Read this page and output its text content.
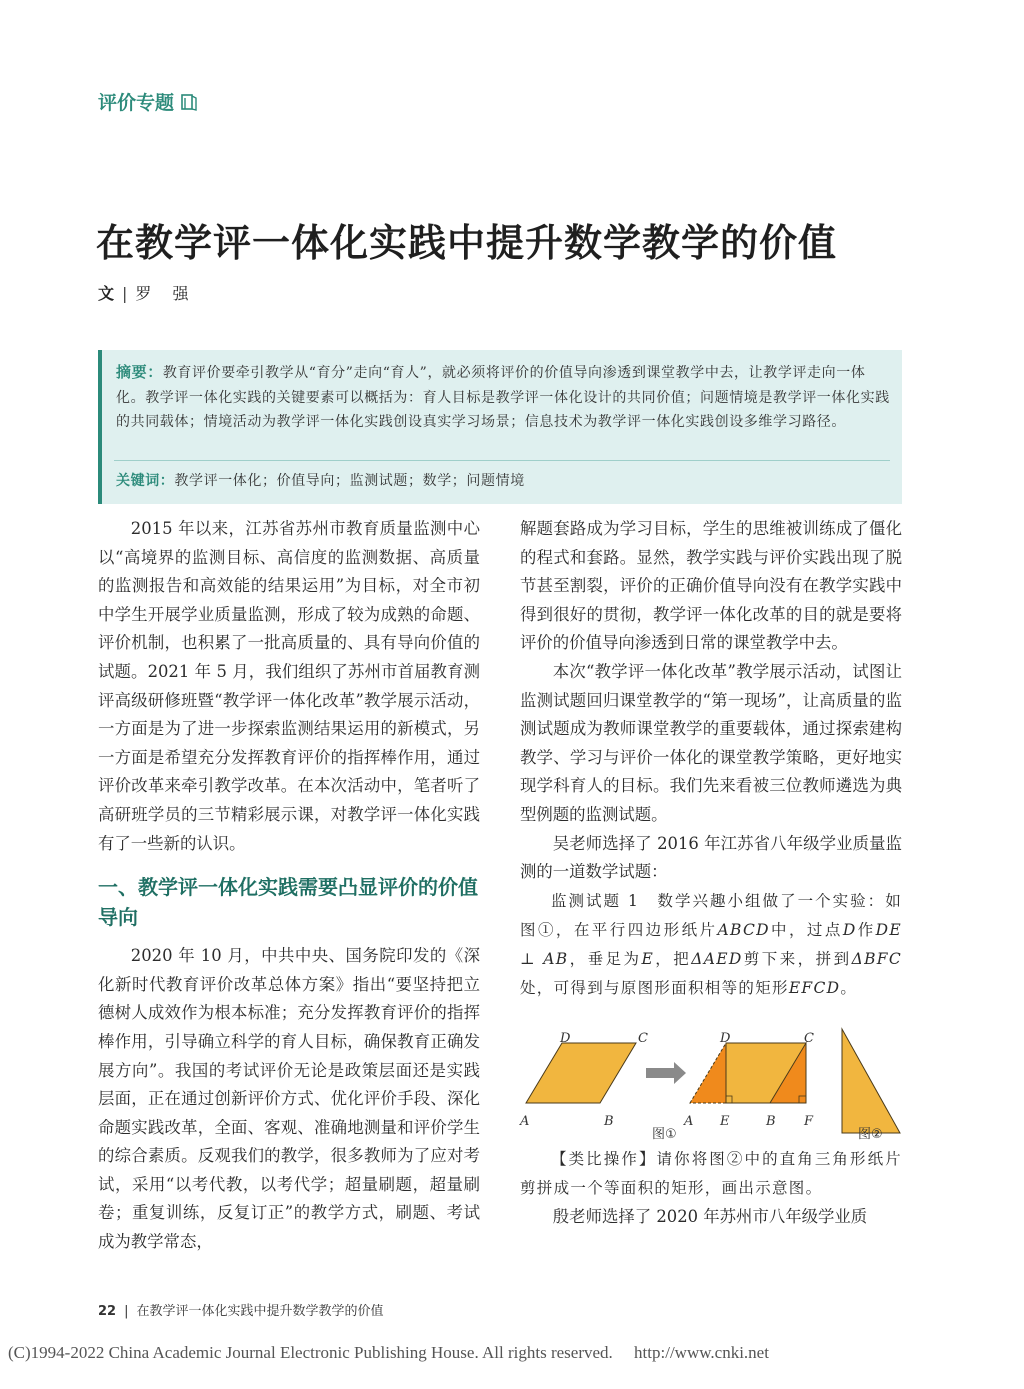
评价专题
在教学评一体化实践中提升数学教学的价值
文 | 罗 强
摘要：教育评价要牵引教学从“育分”走向“育人”，就必须将评价的价值导向渗透到课堂教学中去，让教学评走向一体化。教学评一体化实践的关键要素可以概括为：育人目标是教学评一体化设计的共同价值；问题情境是教学评一体化实践的共同载体；情境活动为教学评一体化实践创设真实学习场景；信息技术为教学评一体化实践创设多维学习路径。
关键词：教学评一体化；价值导向；监测试题；数学；问题情境

2015 年以来，江苏省苏州市教育质量监测中心以“高境界的监测目标、高信度的监测数据、高质量的监测报告和高效能的结果运用”为目标，对全市初中学生开展学业质量监测，形成了较为成熟的命题、评价机制，也积累了一批高质量的、具有导向价值的试题。2021 年 5 月，我们组织了苏州市首届教育测评高级研修班暨“教学评一体化改革”教学展示活动，一方面是为了进一步探索监测结果运用的新模式，另一方面是希望充分发挥教育评价的指挥棒作用，通过评价改革来牵引教学改革。在本次活动中，笔者听了高研班学员的三节精彩展示课，对教学评一体化实践有了一些新的认识。

一、教学评一体化实践需要凸显评价的价值导向

2020 年 10 月，中共中央、国务院印发的《深化新时代教育评价改革总体方案》指出“要坚持把立德树人成效作为根本标准；充分发挥教育评价的指挥棒作用，引导确立科学的育人目标，确保教育正确发展方向”。我国的考试评价无论是政策层面还是实践层面，正在通过创新评价方式、优化评价手段、深化命题实践改革，全面、客观、准确地测量和评价学生的综合素质。反观我们的教学，很多教师为了应对考试，采用“以考代教，以考代学；超量刷题，超量刷卷；重复训练，反复订正”的教学方式，刷题、考试成为教学常态，

解题套路成为学习目标，学生的思维被训练成了僵化的程式和套路。显然，教学实践与评价实践出现了脱节甚至割裂，评价的正确价值导向没有在教学实践中得到很好的贯彻，教学评一体化改革的目的就是要将评价的价值导向渗透到日常的课堂教学中去。

本次“教学评一体化改革”教学展示活动，试图让监测试题回归课堂教学的“第一现场”，让高质量的监测试题成为教师课堂教学的重要载体，通过探索建构教学、学习与评价一体化的课堂教学策略，更好地实现学科育人的目标。我们先来看被三位教师遴选为典型例题的监测试题。

吴老师选择了 2016 年江苏省八年级学业质量监测的一道数学试题：

监测试题 1　数学兴趣小组做了一个实验：如图①，在平行四边形纸片ABCD中，过点D作DE ⊥ AB，垂足为E，把ΔAED剪下来，拼到ΔBFC处，可得到与原图形面积相等的矩形EFCD。

A
D	C
B	A
D
E	B
C
F
图①	图②

【类比操作】请你将图②中的直角三角形纸片剪拼成一个等面积的矩形，画出示意图。

殷老师选择了 2020 年苏州市八年级学业质

22 | 在教学评一体化实践中提升数学教学的价值
(C)1994-2022 China Academic Journal Electronic Publishing House. All rights reserved.　 http://www.cnki.net
